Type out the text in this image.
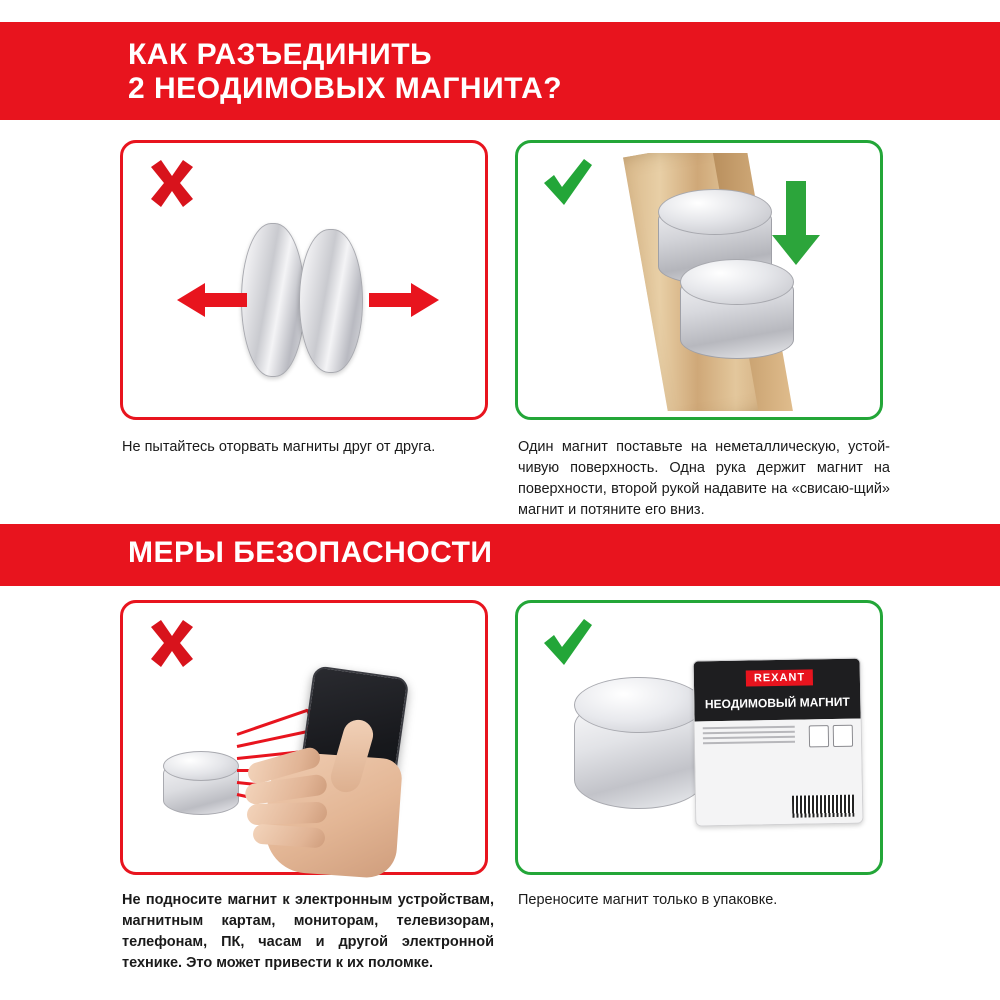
КАК РАЗЪЕДИНИТЬ
2 НЕОДИМОВЫХ МАГНИТА?
Не пытайтесь оторвать магниты друг от друга.	Один магнит поставьте на неметаллическую, устой-чивую поверхность. Одна рука держит магнит на поверхности, второй рукой надавите на «свисаю-щий» магнит и потяните его вниз.
МЕРЫ БЕЗОПАСНОСТИ
Не подносите магнит к электронным устройствам, магнитным картам, мониторам, телевизорам, телефонам, ПК, часам и другой электронной технике. Это может привести к их поломке.
REXANT
НЕОДИМОВЫЙ МАГНИТ
Переносите магнит только в упаковке.
